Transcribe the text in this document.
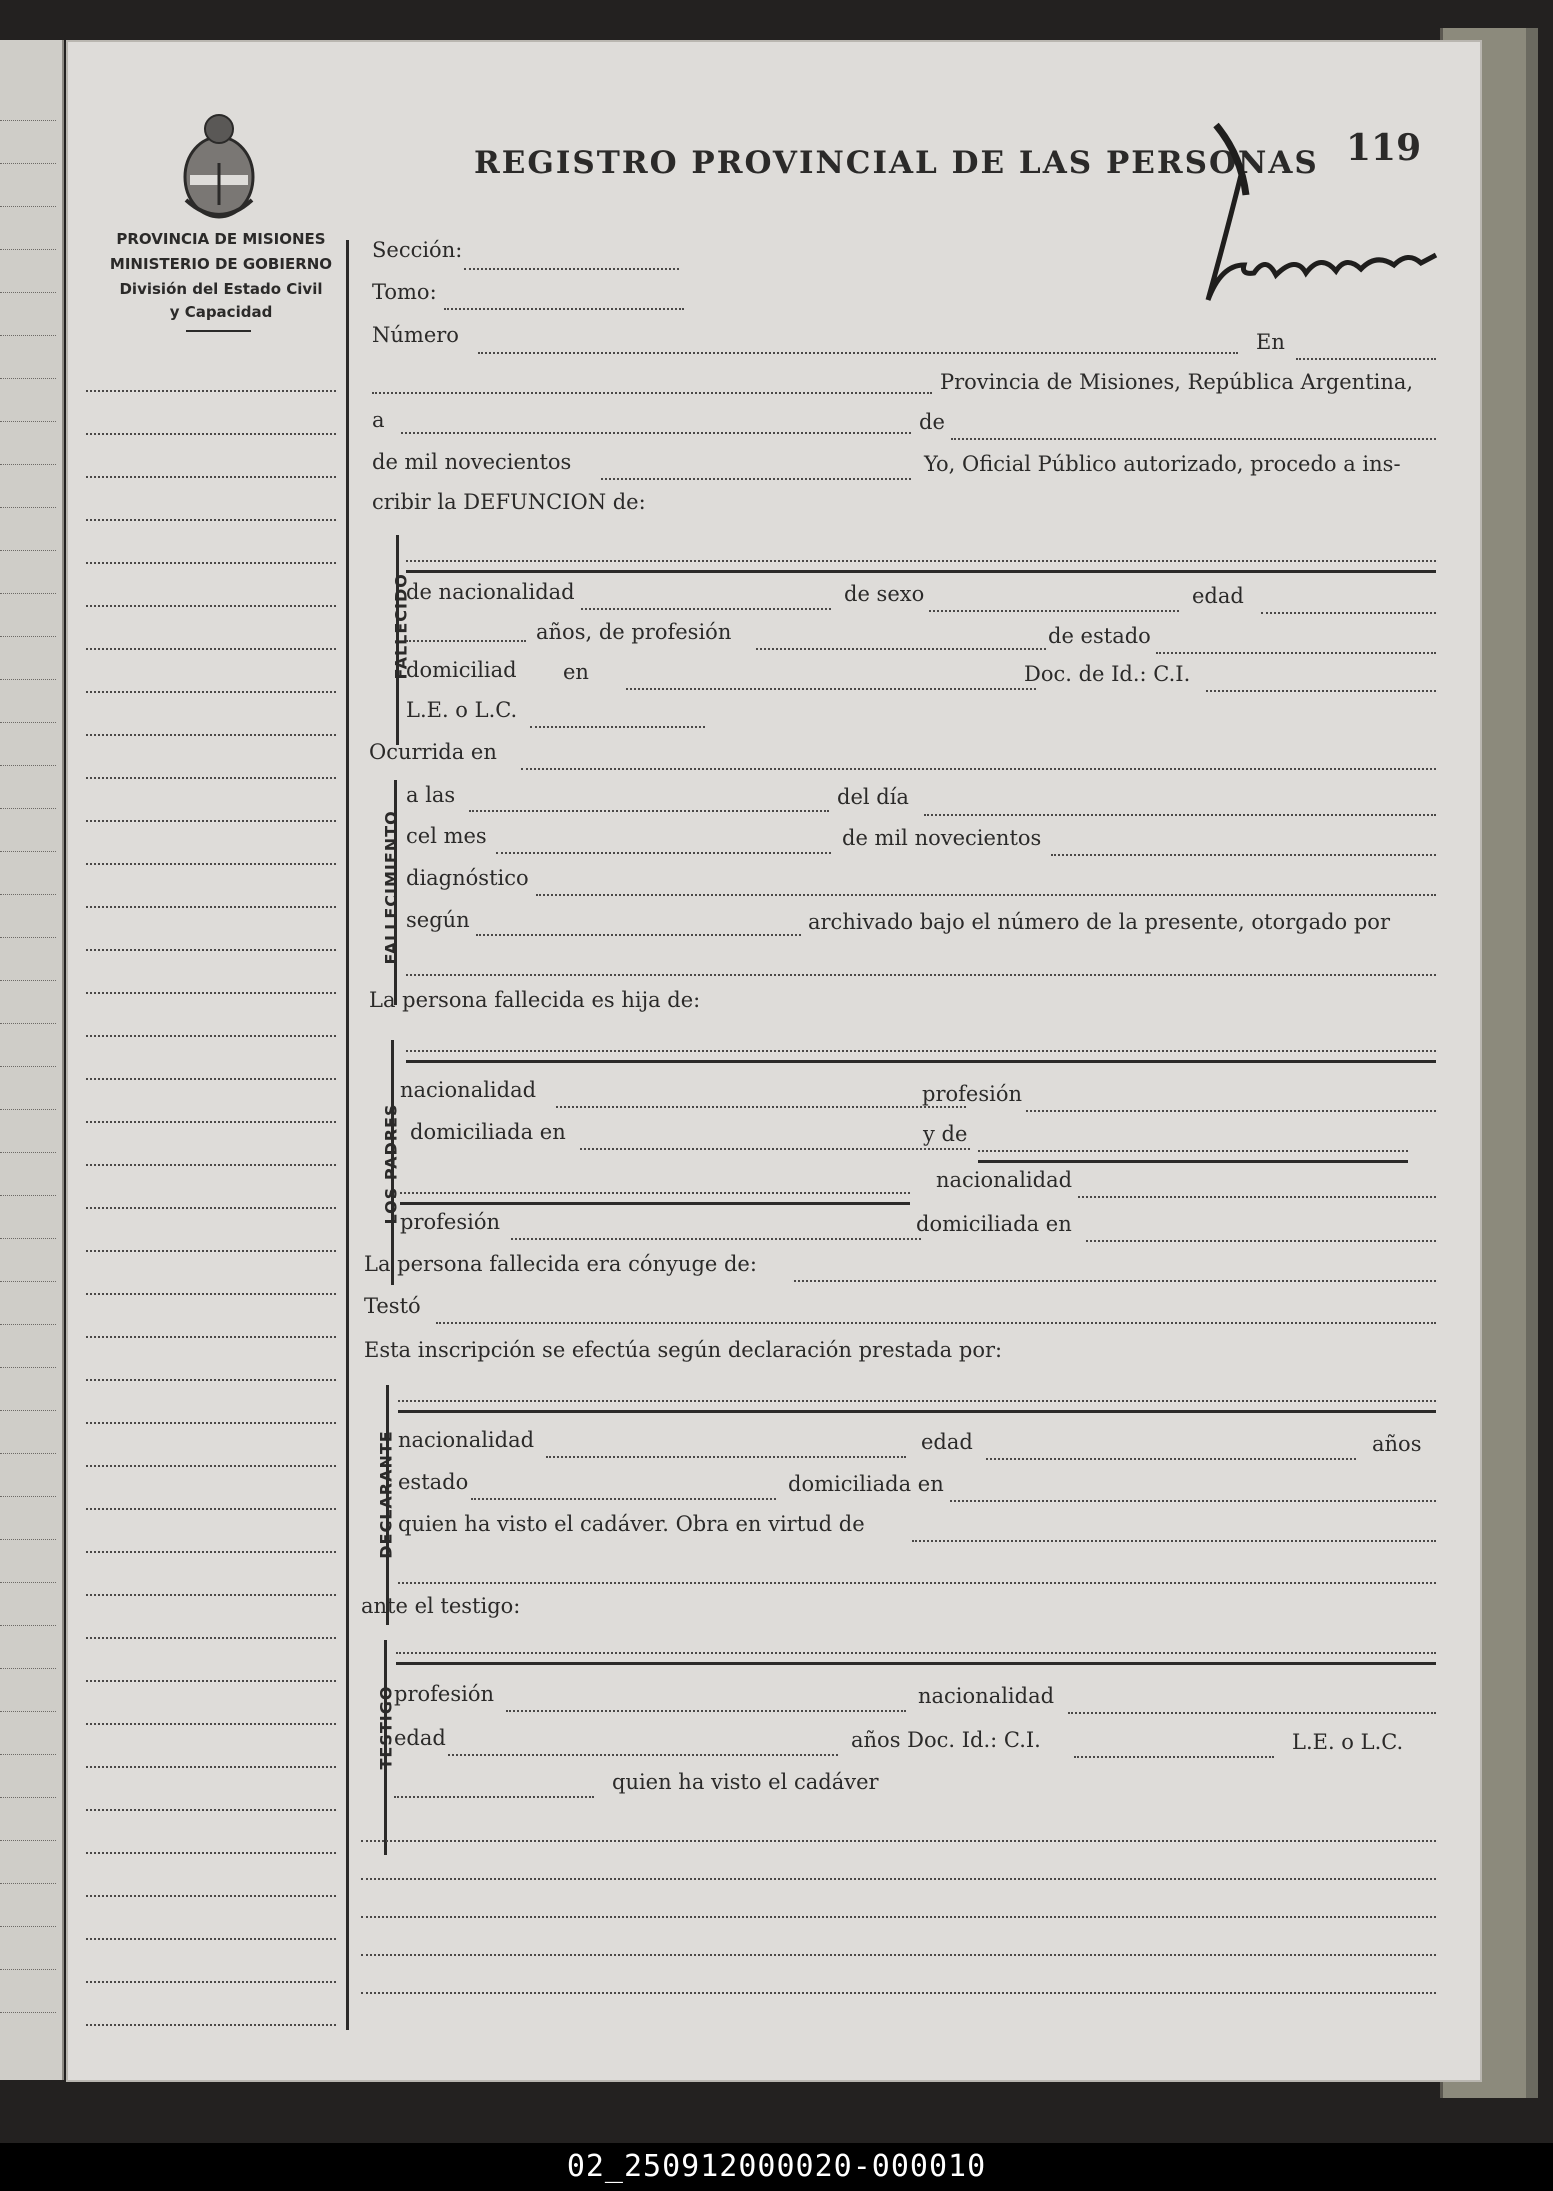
REGISTRO PROVINCIAL DE LAS PERSONAS 119
PROVINCIA DE MISIONES
MINISTERIO DE GOBIERNO
División del Estado Civil
y Capacidad
Sección:
Tomo:
Número	En
Provincia de Misiones, República Argentina,
a	de
de mil novecientos	Yo, Oficial Público autorizado, procedo a ins-
cribir la DEFUNCION de:
FALLECIDO
de nacionalidad	de sexo	edad
años, de profesión	de estado
domiciliad en	Doc. de Id.: C.I.
L.E. o L.C.
Ocurrida en
FALLECIMIENTO
a las	del día
cel mes	de mil novecientos
diagnóstico
según	archivado bajo el número de la presente, otorgado por
La persona fallecida es hija de:
LOS PADRES
nacionalidad	profesión
domiciliada en	y de
nacionalidad
profesión	domiciliada en
La persona fallecida era cónyuge de:
Testó
Esta inscripción se efectúa según declaración prestada por:
DECLARANTE nacionalidad	edad	años
estado	domiciliada en
quien ha visto el cadáver. Obra en virtud de
ante el testigo:
TESTIGO
profesión	nacionalidad
edad	años Doc. Id.: C.I.	L.E. o L.C.
quien ha visto el cadáver
02_250912000020-000010
